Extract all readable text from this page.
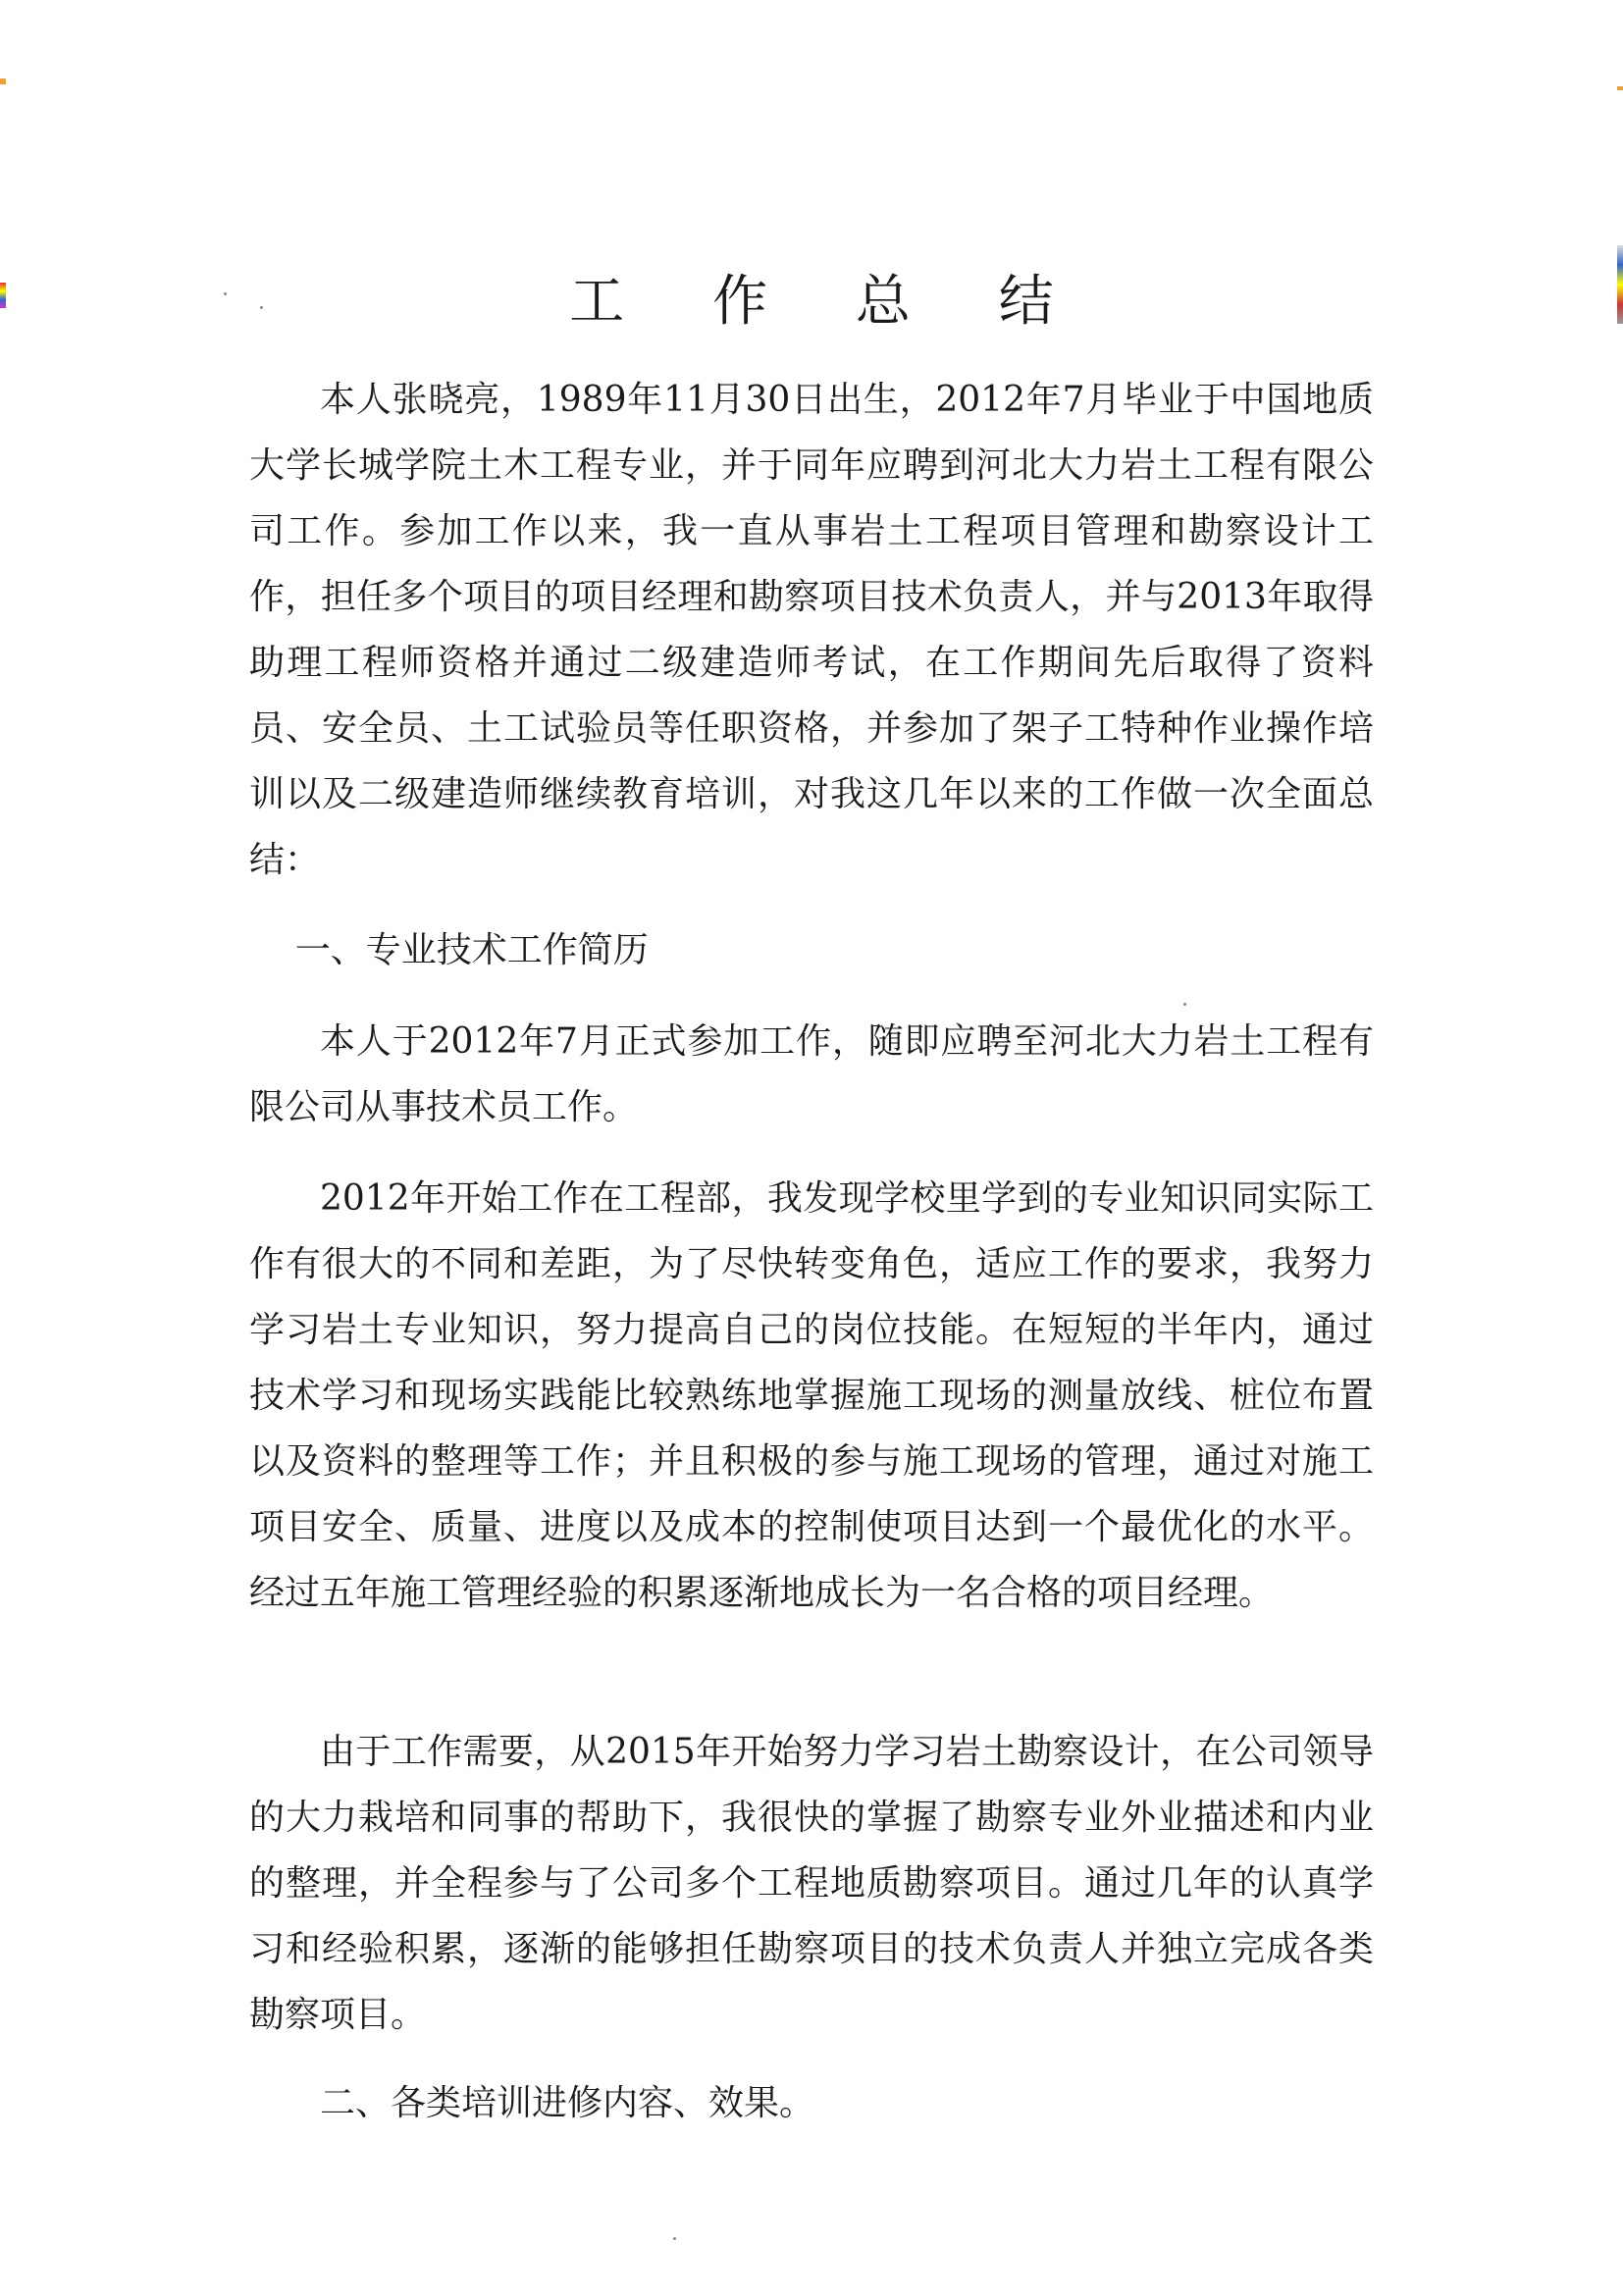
工 作 总 结

本人张晓亮，1989年11月30日出生，2012年7月毕业于中国地质大学长城学院土木工程专业，并于同年应聘到河北大力岩土工程有限公司工作。参加工作以来，我一直从事岩土工程项目管理和勘察设计工作，担任多个项目的项目经理和勘察项目技术负责人，并与2013年取得助理工程师资格并通过二级建造师考试，在工作期间先后取得了资料员、安全员、土工试验员等任职资格，并参加了架子工特种作业操作培训以及二级建造师继续教育培训，对我这几年以来的工作做一次全面总结：

一、专业技术工作简历

本人于2012年7月正式参加工作，随即应聘至河北大力岩土工程有限公司从事技术员工作。

2012年开始工作在工程部，我发现学校里学到的专业知识同实际工作有很大的不同和差距，为了尽快转变角色，适应工作的要求，我努力学习岩土专业知识，努力提高自己的岗位技能。在短短的半年内，通过技术学习和现场实践能比较熟练地掌握施工现场的测量放线、桩位布置以及资料的整理等工作；并且积极的参与施工现场的管理，通过对施工项目安全、质量、进度以及成本的控制使项目达到一个最优化的水平。经过五年施工管理经验的积累逐渐地成长为一名合格的项目经理。

由于工作需要，从2015年开始努力学习岩土勘察设计，在公司领导的大力栽培和同事的帮助下，我很快的掌握了勘察专业外业描述和内业的整理，并全程参与了公司多个工程地质勘察项目。通过几年的认真学习和经验积累，逐渐的能够担任勘察项目的技术负责人并独立完成各类勘察项目。

二、各类培训进修内容、效果。
